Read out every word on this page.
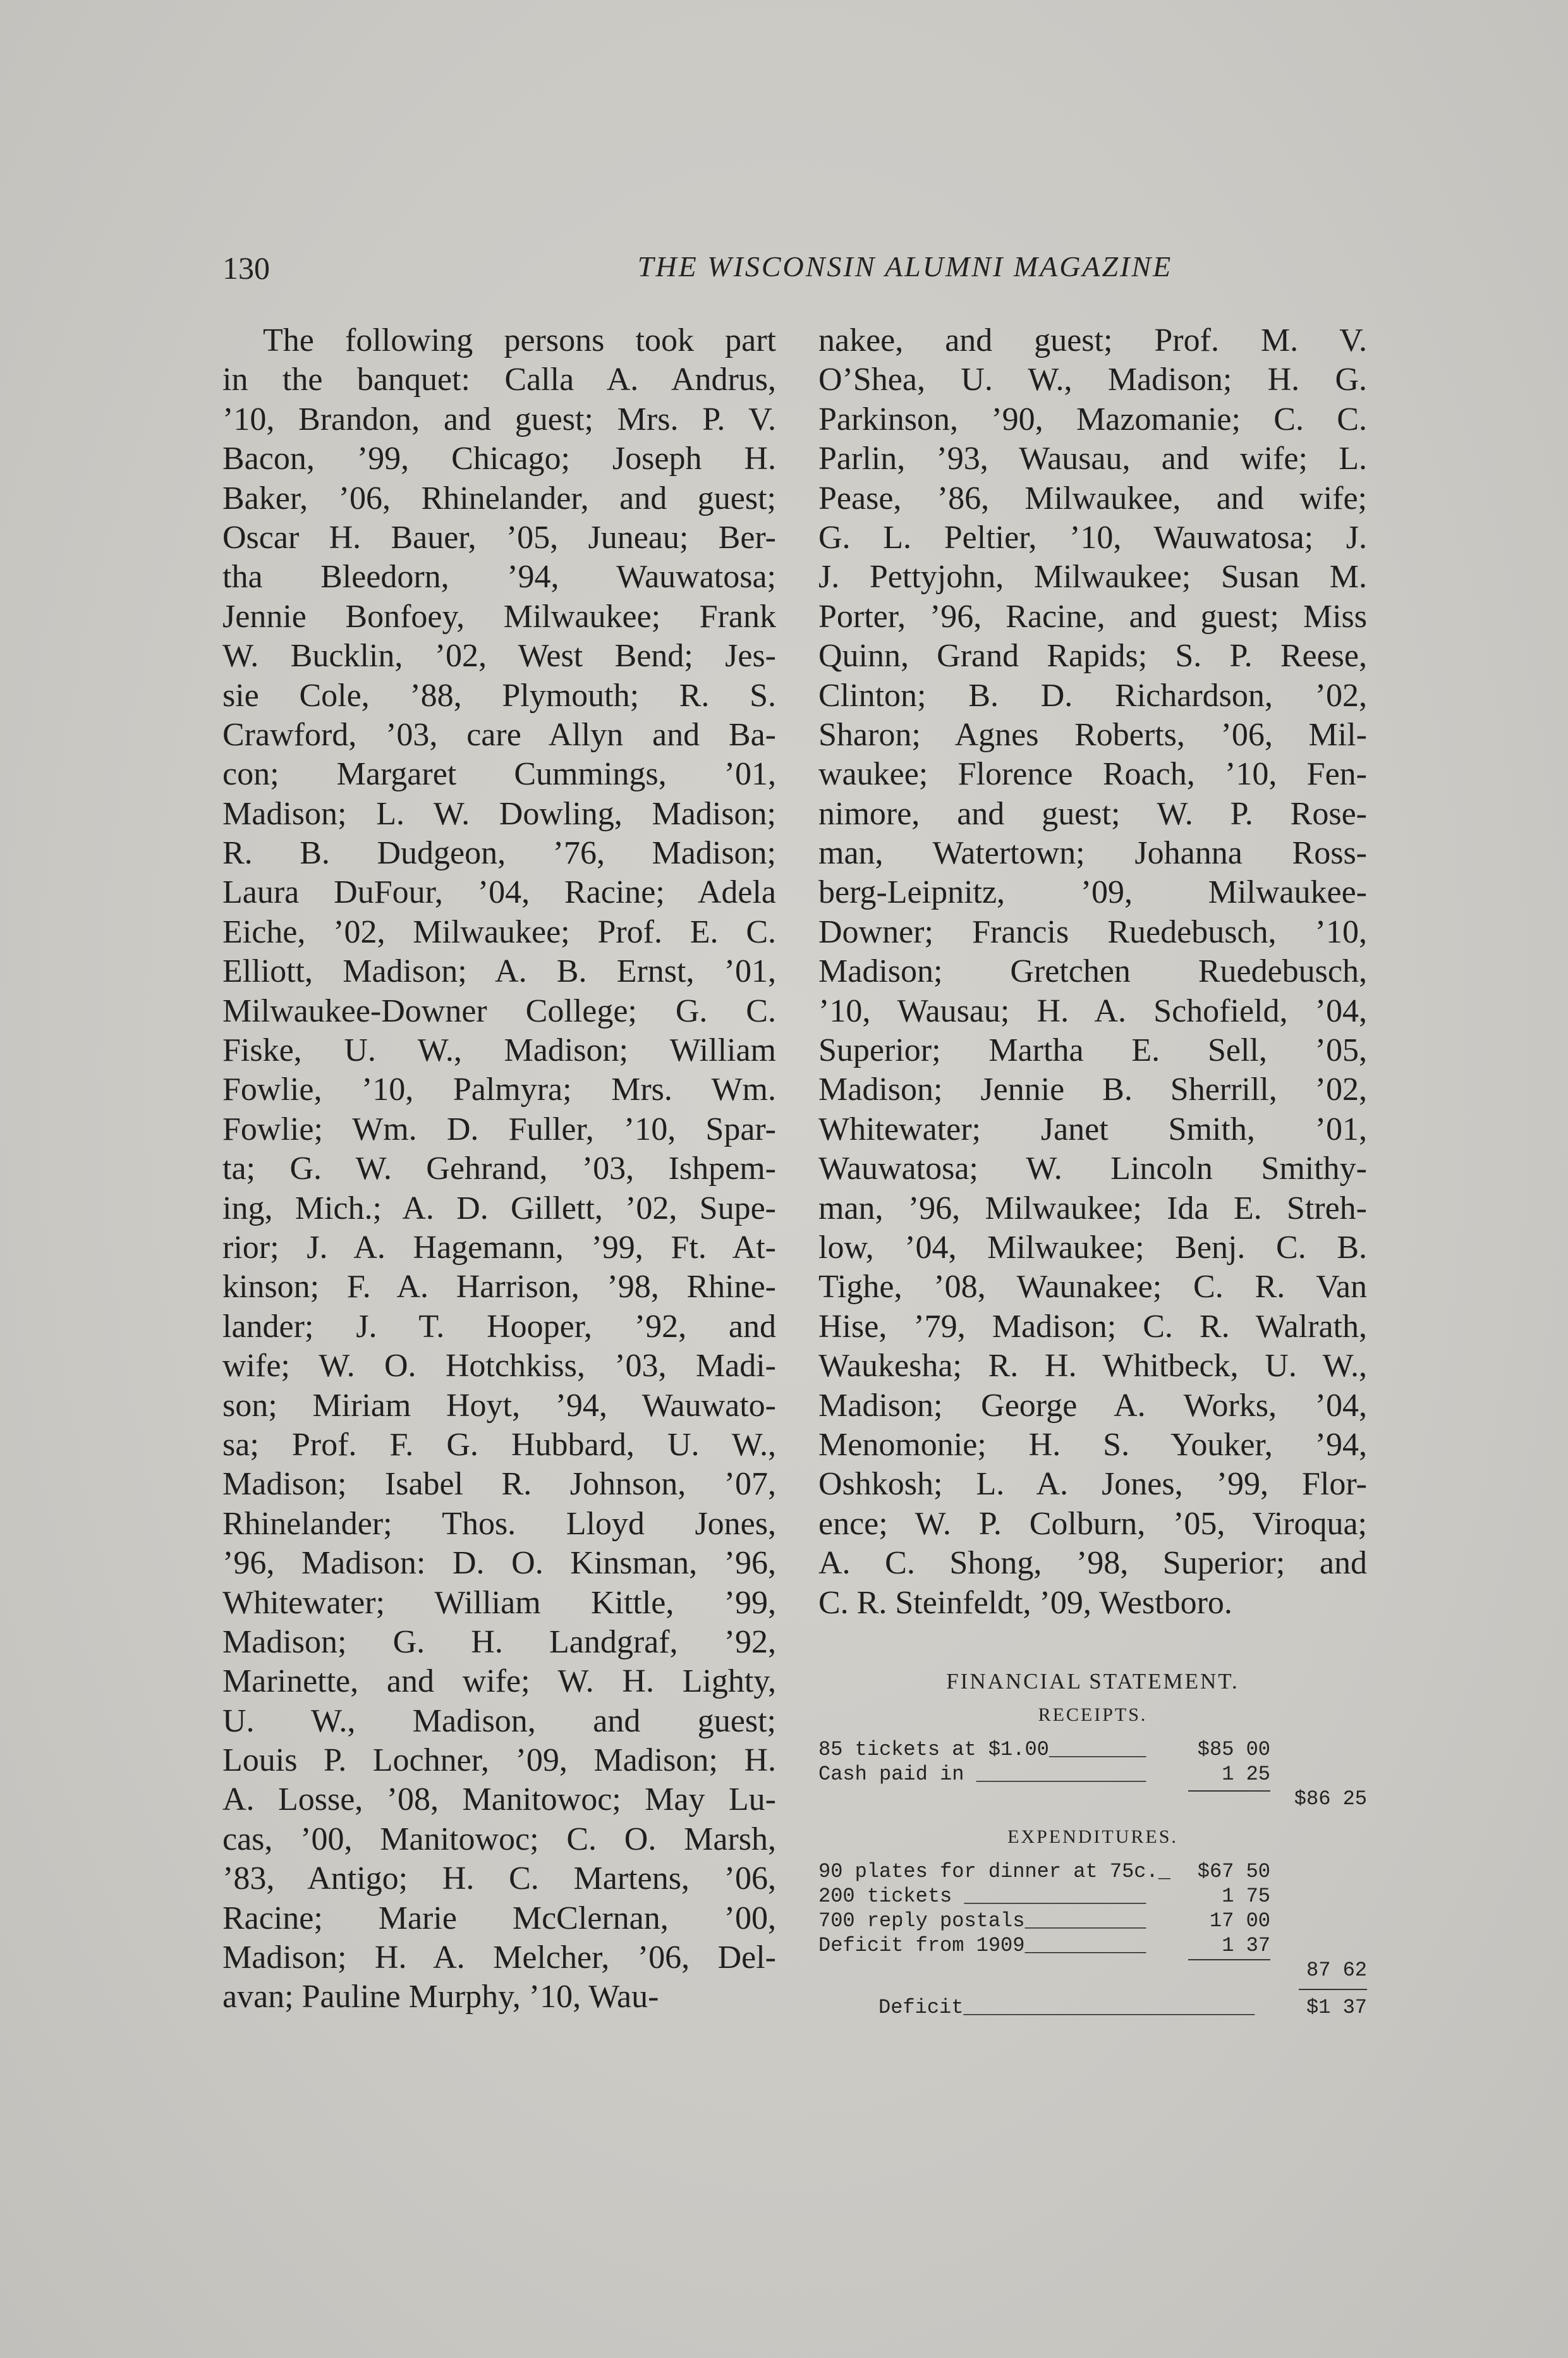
130	THE WISCONSIN ALUMNI MAGAZINE
The following persons took part
in the banquet: Calla A. Andrus,
’10, Brandon, and guest; Mrs. P. V.
Bacon, ’99, Chicago; Joseph H.
Baker, ’06, Rhinelander, and guest;
Oscar H. Bauer, ’05, Juneau; Ber-
tha Bleedorn, ’94, Wauwatosa;
Jennie Bonfoey, Milwaukee; Frank
W. Bucklin, ’02, West Bend; Jes-
sie Cole, ’88, Plymouth; R. S.
Crawford, ’03, care Allyn and Ba-
con; Margaret Cummings, ’01,
Madison; L. W. Dowling, Madison;
R. B. Dudgeon, ’76, Madison;
Laura DuFour, ’04, Racine; Adela
Eiche, ’02, Milwaukee; Prof. E. C.
Elliott, Madison; A. B. Ernst, ’01,
Milwaukee-Downer College; G. C.
Fiske, U. W., Madison; William
Fowlie, ’10, Palmyra; Mrs. Wm.
Fowlie; Wm. D. Fuller, ’10, Spar-
ta; G. W. Gehrand, ’03, Ishpem-
ing, Mich.; A. D. Gillett, ’02, Supe-
rior; J. A. Hagemann, ’99, Ft. At-
kinson; F. A. Harrison, ’98, Rhine-
lander; J. T. Hooper, ’92, and
wife; W. O. Hotchkiss, ’03, Madi-
son; Miriam Hoyt, ’94, Wauwato-
sa; Prof. F. G. Hubbard, U. W.,
Madison; Isabel R. Johnson, ’07,
Rhinelander; Thos. Lloyd Jones,
’96, Madison: D. O. Kinsman, ’96,
Whitewater; William Kittle, ’99,
Madison; G. H. Landgraf, ’92,
Marinette, and wife; W. H. Lighty,
U. W., Madison, and guest;
Louis P. Lochner, ’09, Madison; H.
A. Losse, ’08, Manitowoc; May Lu-
cas, ’00, Manitowoc; C. O. Marsh,
’83, Antigo; H. C. Martens, ’06,
Racine; Marie McClernan, ’00,
Madison; H. A. Melcher, ’06, Del-
avan; Pauline Murphy, ’10, Wau-
nakee, and guest; Prof. M. V.
O’Shea, U. W., Madison; H. G.
Parkinson, ’90, Mazomanie; C. C.
Parlin, ’93, Wausau, and wife; L.
Pease, ’86, Milwaukee, and wife;
G. L. Peltier, ’10, Wauwatosa; J.
J. Pettyjohn, Milwaukee; Susan M.
Porter, ’96, Racine, and guest; Miss
Quinn, Grand Rapids; S. P. Reese,
Clinton; B. D. Richardson, ’02,
Sharon; Agnes Roberts, ’06, Mil-
waukee; Florence Roach, ’10, Fen-
nimore, and guest; W. P. Rose-
man, Watertown; Johanna Ross-
berg-Leipnitz, ’09, Milwaukee-
Downer; Francis Ruedebusch, ’10,
Madison; Gretchen Ruedebusch,
’10, Wausau; H. A. Schofield, ’04,
Superior; Martha E. Sell, ’05,
Madison; Jennie B. Sherrill, ’02,
Whitewater; Janet Smith, ’01,
Wauwatosa; W. Lincoln Smithy-
man, ’96, Milwaukee; Ida E. Streh-
low, ’04, Milwaukee; Benj. C. B.
Tighe, ’08, Waunakee; C. R. Van
Hise, ’79, Madison; C. R. Walrath,
Waukesha; R. H. Whitbeck, U. W.,
Madison; George A. Works, ’04,
Menomonie; H. S. Youker, ’94,
Oshkosh; L. A. Jones, ’99, Flor-
ence; W. P. Colburn, ’05, Viroqua;
A. C. Shong, ’98, Superior; and
C. R. Steinfeldt, ’09, Westboro.
FINANCIAL STATEMENT.
RECEIPTS.
85 tickets at $1.00________	$85 00
Cash paid in ______________	1 25
$86 25
EXPENDITURES.
90 plates for dinner at 75c._	$67 50
200 tickets _______________	1 75
700 reply postals__________	17 00
Deficit from 1909__________	1 37
87 62
Deficit________________________	$1 37
